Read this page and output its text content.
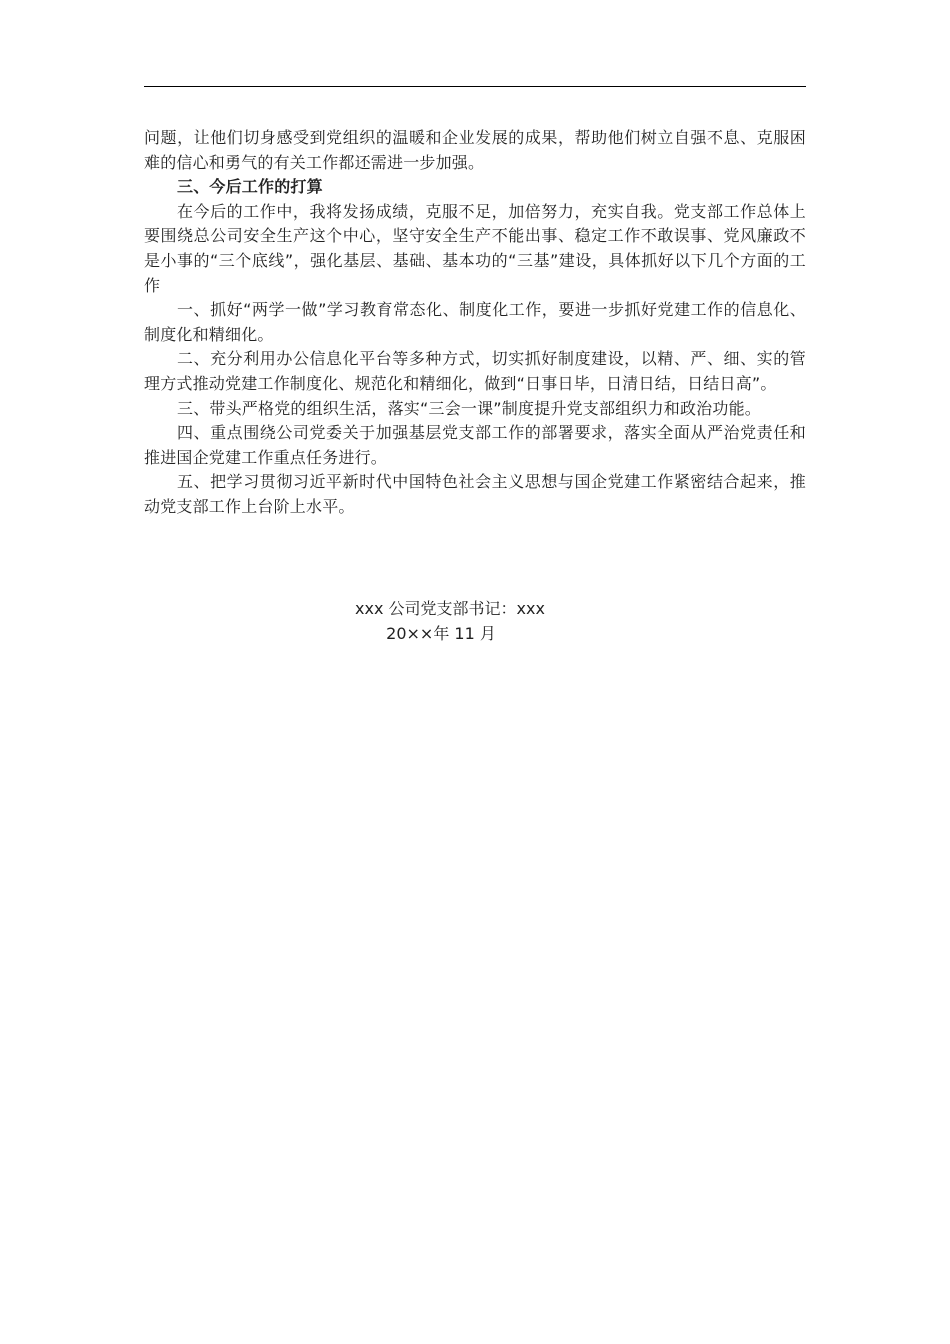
问题，让他们切身感受到党组织的温暖和企业发展的成果，帮助他们树立自强不息、克服困难的信心和勇气的有关工作都还需进一步加强。

三、今后工作的打算

在今后的工作中，我将发扬成绩，克服不足，加倍努力，充实自我。党支部工作总体上要围绕总公司安全生产这个中心，坚守安全生产不能出事、稳定工作不敢误事、党风廉政不是小事的“三个底线”，强化基层、基础、基本功的“三基”建设，具体抓好以下几个方面的工作

一、抓好“两学一做”学习教育常态化、制度化工作，要进一步抓好党建工作的信息化、制度化和精细化。

二、充分利用办公信息化平台等多种方式，切实抓好制度建设，以精、严、细、实的管理方式推动党建工作制度化、规范化和精细化，做到“日事日毕，日清日结，日结日高”。

三、带头严格党的组织生活，落实“三会一课”制度提升党支部组织力和政治功能。

四、重点围绕公司党委关于加强基层党支部工作的部署要求，落实全面从严治党责任和推进国企党建工作重点任务进行。

五、把学习贯彻习近平新时代中国特色社会主义思想与国企党建工作紧密结合起来，推动党支部工作上台阶上水平。

xxx 公司党支部书记：xxx
20××年 11 月
